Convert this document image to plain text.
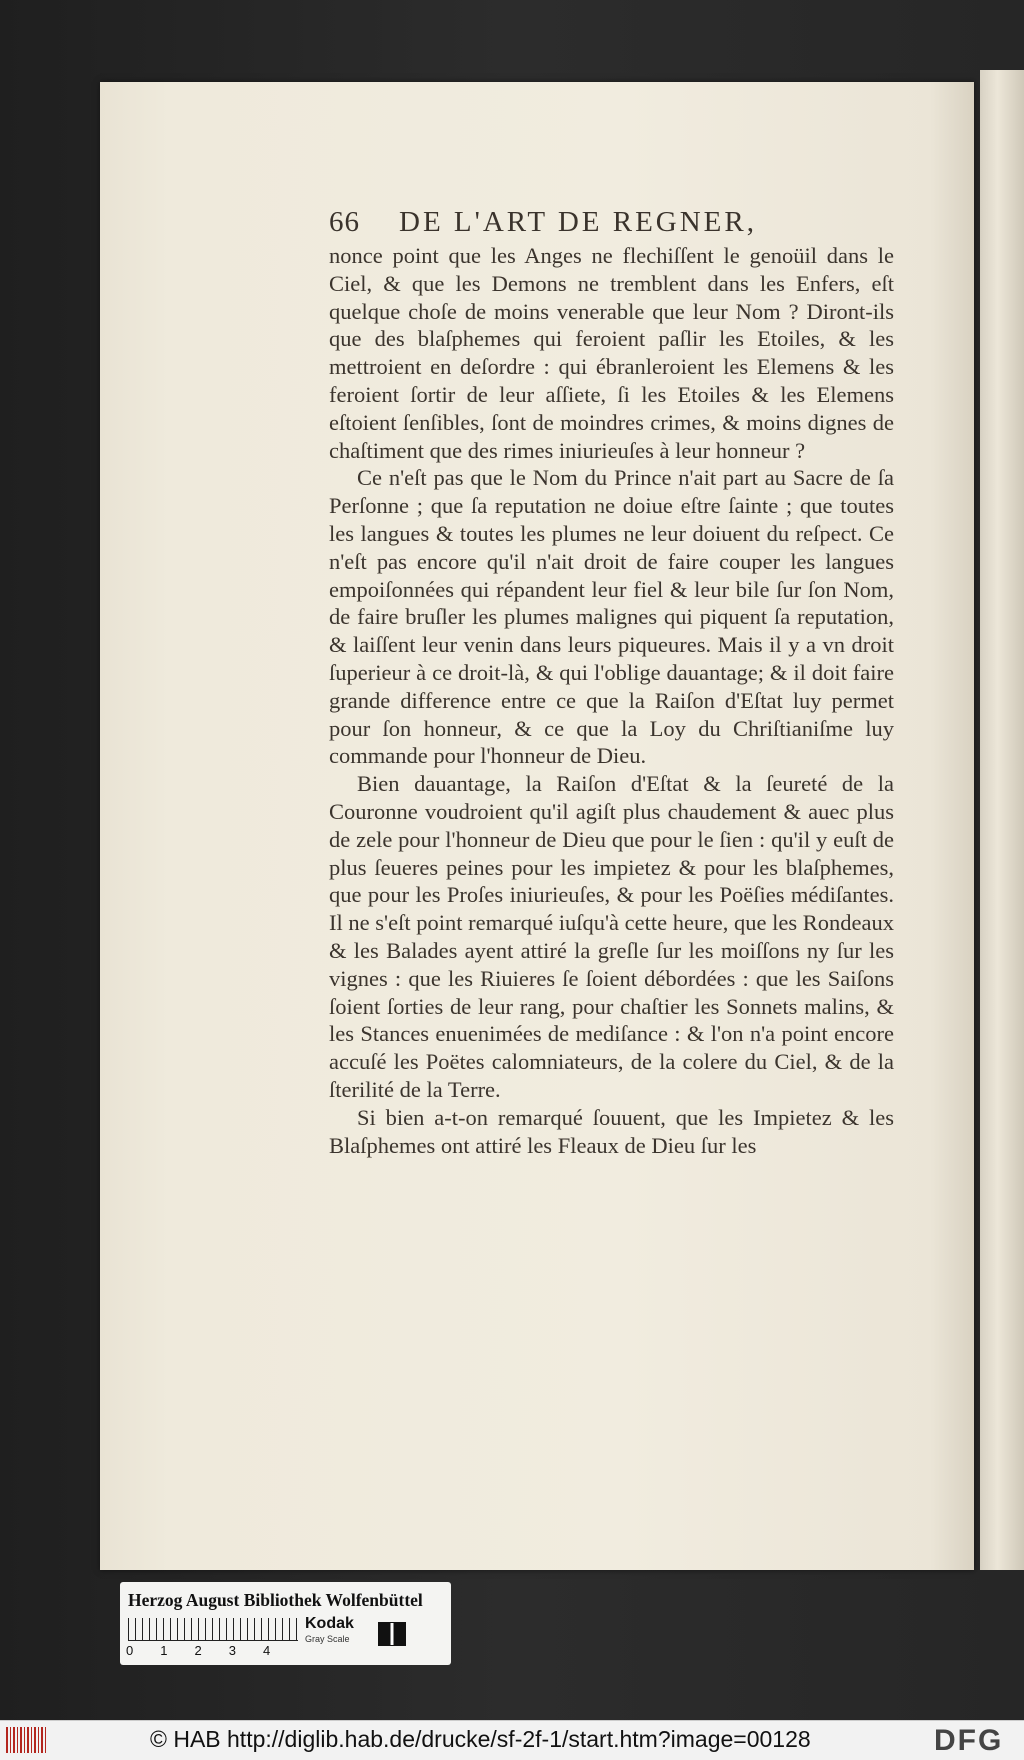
66 DE L'ART DE REGNER,

nonce point que les Anges ne flechiſſent le genoüil dans le Ciel, & que les Demons ne tremblent dans les Enfers, eſt quelque choſe de moins venerable que leur Nom ? Diront-ils que des blaſphemes qui feroient paſlir les Etoiles, & les mettroient en deſordre : qui ébranleroient les Elemens & les feroient ſortir de leur aſſiete, ſi les Etoiles & les Elemens eſtoient ſenſibles, ſont de moindres crimes, & moins dignes de chaſtiment que des rimes iniurieuſes à leur honneur ?

Ce n'eſt pas que le Nom du Prince n'ait part au Sacre de ſa Perſonne ; que ſa reputation ne doiue eſtre ſainte ; que toutes les langues & toutes les plumes ne leur doiuent du reſpect. Ce n'eſt pas encore qu'il n'ait droit de faire couper les langues empoiſonnées qui répandent leur fiel & leur bile ſur ſon Nom, de faire bruſler les plumes malignes qui piquent ſa reputation, & laiſſent leur venin dans leurs piqueures. Mais il y a vn droit ſuperieur à ce droit-là, & qui l'oblige dauantage; & il doit faire grande difference entre ce que la Raiſon d'Eſtat luy permet pour ſon honneur, & ce que la Loy du Chriſtianiſme luy commande pour l'honneur de Dieu.

Bien dauantage, la Raiſon d'Eſtat & la ſeureté de la Couronne voudroient qu'il agiſt plus chaudement & auec plus de zele pour l'honneur de Dieu que pour le ſien : qu'il y euſt de plus ſeueres peines pour les impietez & pour les blaſphemes, que pour les Proſes iniurieuſes, & pour les Poëſies médiſantes. Il ne s'eſt point remarqué iuſqu'à cette heure, que les Rondeaux & les Balades ayent attiré la greſle ſur les moiſſons ny ſur les vignes : que les Riuieres ſe ſoient débordées : que les Saiſons ſoient ſorties de leur rang, pour chaſtier les Sonnets malins, & les Stances enuenimées de mediſance : & l'on n'a point encore accuſé les Poëtes calomniateurs, de la colere du Ciel, & de la ſterilité de la Terre.

Si bien a-t-on remarqué ſouuent, que les Impietez & les Blaſphemes ont attiré les Fleaux de Dieu ſur les

Herzog August Bibliothek Wolfenbüttel
0 1 2 3 4
Kodak
Gray Scale
© HAB http://diglib.hab.de/drucke/sf-2f-1/start.htm?image=00128	DFG
